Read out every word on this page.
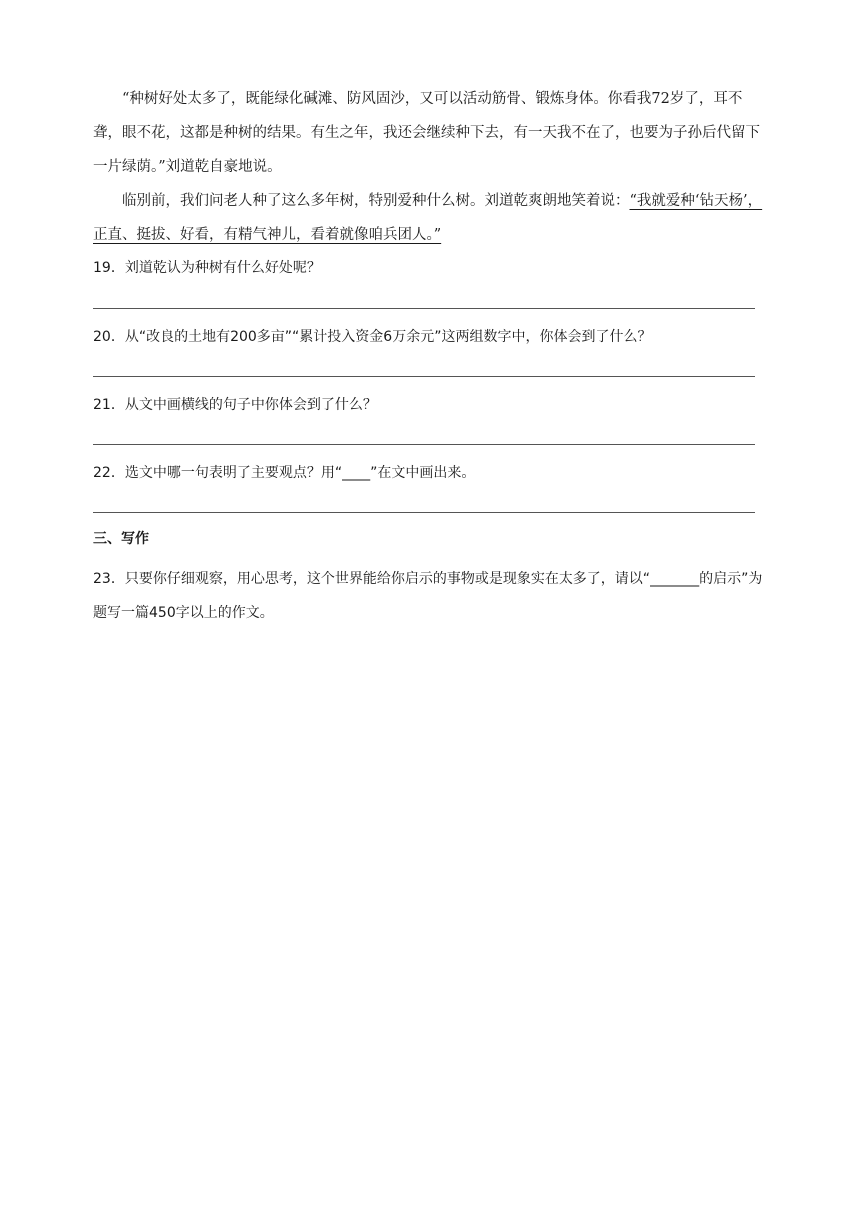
“种树好处太多了，既能绿化碱滩、防风固沙，又可以活动筋骨、锻炼身体。你看我72岁了，耳不聋，眼不花，这都是种树的结果。有生之年，我还会继续种下去，有一天我不在了，也要为子孙后代留下一片绿荫。”刘道乾自豪地说。

临别前，我们问老人种了这么多年树，特别爱种什么树。刘道乾爽朗地笑着说：“我就爱种‘钻天杨’，正直、挺拔、好看，有精气神儿，看着就像咱兵团人。”

19．刘道乾认为种树有什么好处呢？

20．从“改良的土地有200多亩”“累计投入资金6万余元”这两组数字中，你体会到了什么？

21．从文中画横线的句子中你体会到了什么？

22．选文中哪一句表明了主要观点？用“____”在文中画出来。

三、写作

23．只要你仔细观察，用心思考，这个世界能给你启示的事物或是现象实在太多了，请以“_______的启示”为题写一篇450字以上的作文。
